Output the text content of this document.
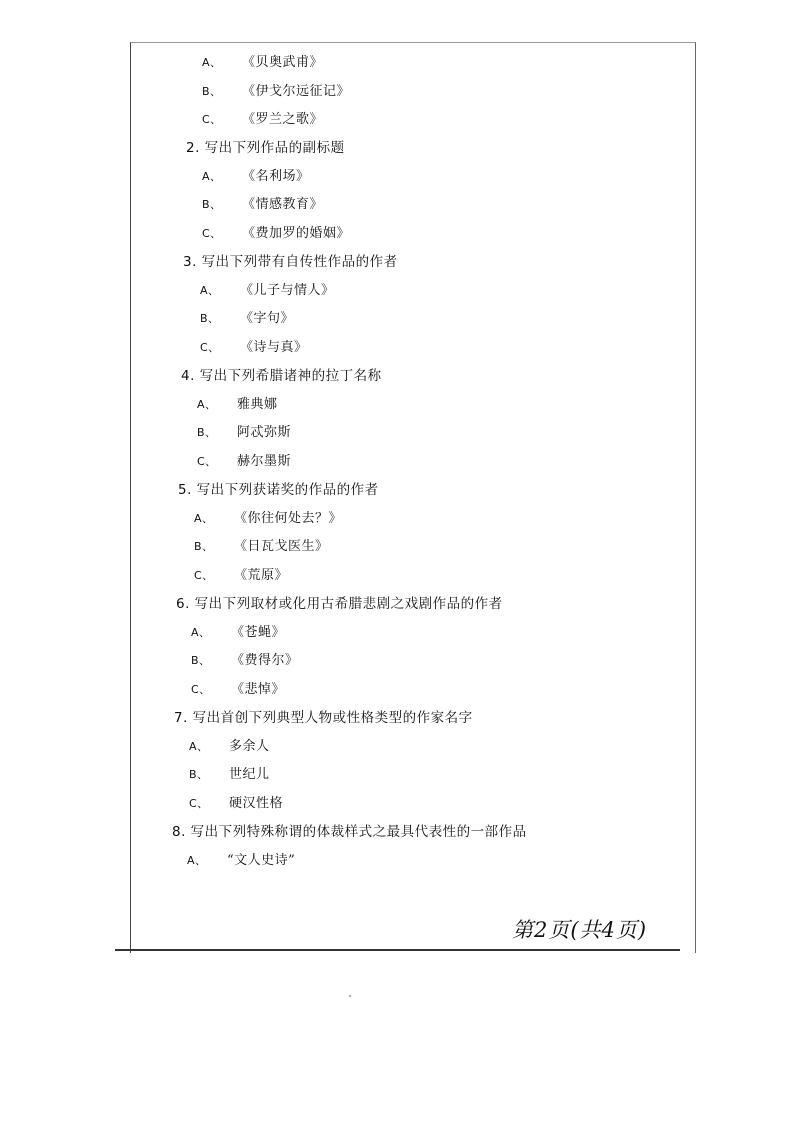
A、 《贝奥武甫》
B、 《伊戈尔远征记》
C、 《罗兰之歌》
2. 写出下列作品的副标题
A、 《名利场》
B、 《情感教育》
C、 《费加罗的婚姻》
3. 写出下列带有自传性作品的作者
A、 《儿子与情人》
B、 《字句》
C、 《诗与真》
4. 写出下列希腊诸神的拉丁名称
A、 雅典娜
B、 阿忒弥斯
C、 赫尔墨斯
5. 写出下列获诺奖的作品的作者
A、 《你往何处去？》
B、 《日瓦戈医生》
C、 《荒原》
6. 写出下列取材或化用古希腊悲剧之戏剧作品的作者
A、 《苍蝇》
B、 《费得尔》
C、 《悲悼》
7. 写出首创下列典型人物或性格类型的作家名字
A、 多余人
B、 世纪儿
C、 硬汉性格
8. 写出下列特殊称谓的体裁样式之最具代表性的一部作品
A、 “文人史诗”
第2页(共4页)
